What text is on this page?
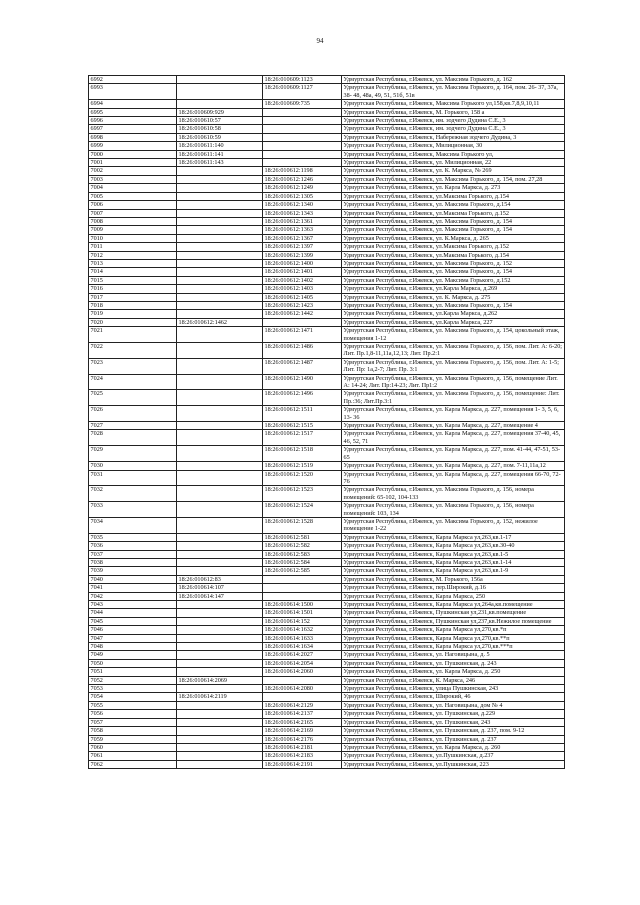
94
6992		18:26:010609:1123	Удмуртская Республика, г.Ижевск, ул. Максима Горького, д. 162
6993		18:26:010609:1127	Удмуртская Республика, г.Ижевск, ул. Максима Горького, д. 164, пом. 26- 37, 37а, 38- 48, 48а, 49, 51, 51б, 51в
6994		18:26:010609:735	Удмуртская Республика, г.Ижевск, Максима Горького ул,158,кв.7,8,9,10,11
6995	18:26:010609:929		Удмуртская Республика, г.Ижевск, М. Горького, 158 а
6996	18:26:010610:57		Удмуртская Республика, г.Ижевск, им. зодчего Дудина С.Е., 3
6997	18:26:010610:58		Удмуртская Республика, г.Ижевск, им. зодчего Дудина С.Е., 3
6998	18:26:010610:59		Удмуртская Республика, г.Ижевск, Набережная зодчего Дудина, 3
6999	18:26:010611:140		Удмуртская Республика, г.Ижевск, Милиционная, 30
7000	18:26:010611:141		Удмуртская Республика, г.Ижевск, Максима Горького ул,
7001	18:26:010611:143		Удмуртская Республика, г.Ижевск, ул. Милиционная, 22
7002		18:26:010612:1198	Удмуртская Республика, г.Ижевск, ул. К. Маркса, № 269
7003		18:26:010612:1246	Удмуртская Республика, г.Ижевск, ул. Максима Горького, д. 154, пом. 27,28
7004		18:26:010612:1249	Удмуртская Республика, г.Ижевск, ул. Карла Маркса, д. 273
7005		18:26:010612:1305	Удмуртская Республика, г.Ижевск, ул.Максима Горького, д.154
7006		18:26:010612:1340	Удмуртская Республика, г.Ижевск, ул. Максима Горького, д.154
7007		18:26:010612:1343	Удмуртская Республика, г.Ижевск, ул.Максима Горького, д.152
7008		18:26:010612:1361	Удмуртская Республика, г.Ижевск, ул. Максима Горького, д. 154
7009		18:26:010612:1363	Удмуртская Республика, г.Ижевск, ул. Максима Горького, д. 154
7010		18:26:010612:1367	Удмуртская Республика, г.Ижевск, ул. К.Маркса, д. 265
7011		18:26:010612:1397	Удмуртская Республика, г.Ижевск, ул.Максима Горького, д.152
7012		18:26:010612:1399	Удмуртская Республика, г.Ижевск, ул.Максима Горького, д.154
7013		18:26:010612:1400	Удмуртская Республика, г.Ижевск, ул. Максима Горького, д. 152
7014		18:26:010612:1401	Удмуртская Республика, г.Ижевск, ул. Максима Горького, д. 154
7015		18:26:010612:1402	Удмуртская Республика, г.Ижевск, ул. Максима Горького, д.152
7016		18:26:010612:1403	Удмуртская Республика, г.Ижевск, ул.Карла Маркса, д.269
7017		18:26:010612:1405	Удмуртская Республика, г.Ижевск, ул. К. Маркса, д. 275
7018		18:26:010612:1423	Удмуртская Республика, г.Ижевск, ул. Максима Горького, д. 154
7019		18:26:010612:1442	Удмуртская Республика, г.Ижевск, ул.Карла Маркса, д.262
7020	18:26:010612:1462		Удмуртская Республика, г.Ижевск, ул.Карла Маркса, 227
7021		18:26:010612:1471	Удмуртская Республика, г.Ижевск, ул. Максима Горького, д. 154, цокольный этаж, помещения 1-12
7022		18:26:010612:1486	Удмуртская Республика, г.Ижевск, ул. Максима Горького, д. 156, пом. Лит. А: 6-20; Лит. Пр.1,8-11,11а,12,13; Лит. Пр.2:1
7023		18:26:010612:1487	Удмуртская Республика, г.Ижевск, ул. Максима Горького, д. 156, пом. Лит. А: 1-5; Лит. Пр: 1а,2-7; Лит. Пр. 3:1
7024		18:26:010612:1490	Удмуртская Республика, г.Ижевск, ул. Максима Горького, д. 156, помещение Лит. А: 14-24; Лит. Пр:14-23; Лит. Пр1:2
7025		18:26:010612:1496	Удмуртская Республика, г.Ижевск, ул. Максима Горького, д. 156, помещение: Лит. Пр.:36; Лит.Пр.3:1
7026		18:26:010612:1511	Удмуртская Республика, г.Ижевск, ул. Карла Маркса, д. 227, помещения 1- 3, 5, 6, 13- 36
7027		18:26:010612:1515	Удмуртская Республика, г.Ижевск, ул. Карла Маркса, д. 227, помещение 4
7028		18:26:010612:1517	Удмуртская Республика, г.Ижевск, ул. Карла Маркса, д. 227, помещения 37-40, 45, 46, 52, 71
7029		18:26:010612:1518	Удмуртская Республика, г.Ижевск, ул. Карла Маркса, д. 227, пом. 41-44, 47-51, 53-65
7030		18:26:010612:1519	Удмуртская Республика, г.Ижевск, ул. Карла Маркса, д. 227, пом. 7-11,11а,12
7031		18:26:010612:1520	Удмуртская Республика, г.Ижевск, ул. Карла Маркса, д. 227, помещения 66-70, 72-76
7032		18:26:010612:1523	Удмуртская Республика, г.Ижевск, ул. Максима Горького, д. 156, номера помещений: 65-102, 104-133
7033		18:26:010612:1524	Удмуртская Республика, г.Ижевск, ул. Максима Горького, д. 156, номера помещений: 103, 134
7034		18:26:010612:1528	Удмуртская Республика, г.Ижевск, ул. Максима Горького, д. 152, нежилое помещение 1-22
7035		18:26:010612:581	Удмуртская Республика, г.Ижевск, Карла Маркса ул,263,кв.1-17
7036		18:26:010612:582	Удмуртская Республика, г.Ижевск, Карла Маркса ул,263,кв.30-40
7037		18:26:010612:583	Удмуртская Республика, г.Ижевск, Карла Маркса ул,263,кв.1-5
7038		18:26:010612:584	Удмуртская Республика, г.Ижевск, Карла Маркса ул,263,кв.1-14
7039		18:26:010612:585	Удмуртская Республика, г.Ижевск, Карла Маркса ул,263,кв.1-9
7040	18:26:010612:83		Удмуртская Республика, г.Ижевск, М. Горького, 156а
7041	18:26:010614:107		Удмуртская Республика, г.Ижевск, пер.Широкий, д.16
7042	18:26:010614:147		Удмуртская Республика, г.Ижевск, Карла Маркса, 250
7043		18:26:010614:1500	Удмуртская Республика, г.Ижевск, Карла Маркса ул,264а,кв.помещение
7044		18:26:010614:1501	Удмуртская Республика, г.Ижевск, Пушкинская ул,231,кв.помещение
7045		18:26:010614:152	Удмуртская Республика, г.Ижевск, Пушкинская ул,237,кв.Нежилое помещение
7046		18:26:010614:1632	Удмуртская Республика, г.Ижевск, Карла Маркса ул,270,кв.*п
7047		18:26:010614:1633	Удмуртская Республика, г.Ижевск, Карла Маркса ул,270,кв.**п
7048		18:26:010614:1634	Удмуртская Республика, г.Ижевск, Карла Маркса ул,270,кв.***п
7049		18:26:010614:2027	Удмуртская Республика, г.Ижевск, ул. Наговицына, д. 5
7050		18:26:010614:2054	Удмуртская Республика, г.Ижевск, ул. Пушкинская, д. 243
7051		18:26:010614:2060	Удмуртская Республика, г.Ижевск, ул. Карла Маркса, д. 250
7052	18:26:010614:2069		Удмуртская Республика, г.Ижевск, К. Маркса, 246
7053		18:26:010614:2080	Удмуртская Республика, г.Ижевск, улица Пушкинская, 243
7054	18:26:010614:2119		Удмуртская Республика, г.Ижевск, Широкий, 46
7055		18:26:010614:2129	Удмуртская Республика, г.Ижевск, ул. Наговицына, дом № 4
7056		18:26:010614:2137	Удмуртская Республика, г.Ижевск, ул. Пушкинская, д.229
7057		18:26:010614:2165	Удмуртская Республика, г.Ижевск, ул. Пушкинская, 243
7058		18:26:010614:2169	Удмуртская Республика, г.Ижевск, ул. Пушкинская, д. 237, пом. 9-12
7059		18:26:010614:2176	Удмуртская Республика, г.Ижевск, ул. Пушкинская, д. 237
7060		18:26:010614:2181	Удмуртская Республика, г.Ижевск, ул. Карла Маркса, д. 260
7061		18:26:010614:2183	Удмуртская Республика, г.Ижевск, ул.Пушкинская, д.237
7062		18:26:010614:2191	Удмуртская Республика, г.Ижевск, ул.Пушкинская, 223
